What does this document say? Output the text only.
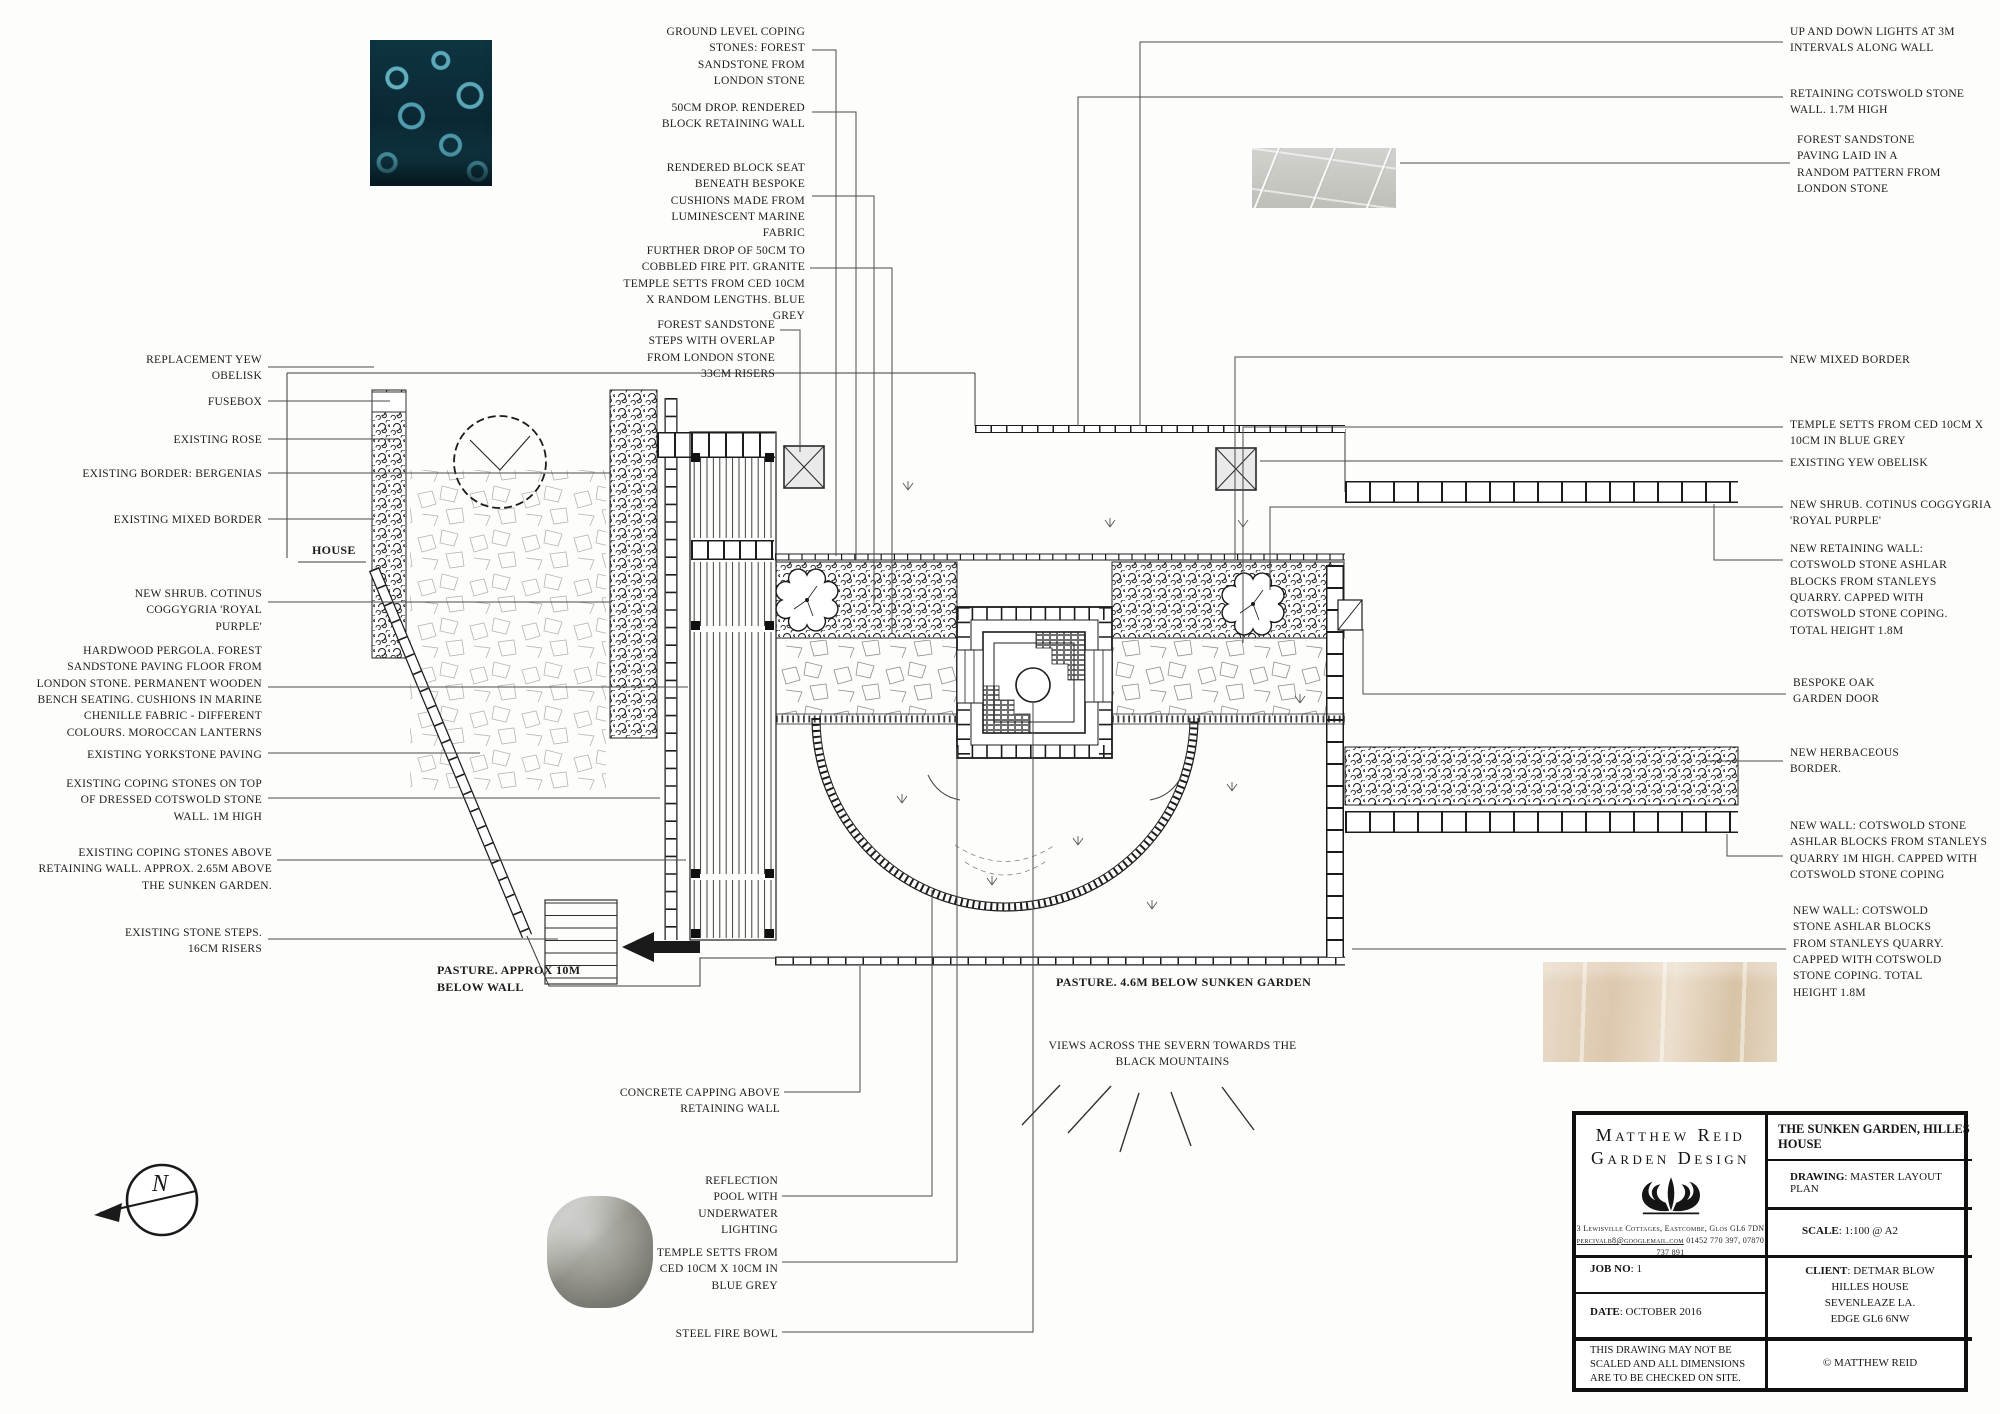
N
GROUND LEVEL COPING STONES: FOREST SANDSTONE FROM LONDON STONE
50CM DROP. RENDERED BLOCK RETAINING WALL
RENDERED BLOCK SEAT BENEATH BESPOKE CUSHIONS MADE FROM LUMINESCENT MARINE FABRIC
FURTHER DROP OF 50CM TO COBBLED FIRE PIT. GRANITE TEMPLE SETTS FROM CED 10CM X RANDOM LENGTHS. BLUE GREY
FOREST SANDSTONE STEPS WITH OVERLAP FROM LONDON STONE 33CM RISERS
UP AND DOWN LIGHTS AT 3M INTERVALS ALONG WALL
RETAINING COTSWOLD STONE WALL. 1.7M HIGH
FOREST SANDSTONE PAVING LAID IN A RANDOM PATTERN FROM LONDON STONE
NEW MIXED BORDER
TEMPLE SETTS FROM CED 10CM X 10CM IN BLUE GREY
EXISTING YEW OBELISK
NEW SHRUB. COTINUS COGGYGRIA 'ROYAL PURPLE'
NEW RETAINING WALL: COTSWOLD STONE ASHLAR BLOCKS FROM STANLEYS QUARRY. CAPPED WITH COTSWOLD STONE COPING. TOTAL HEIGHT 1.8M
BESPOKE OAK GARDEN DOOR
NEW HERBACEOUS BORDER.
NEW WALL: COTSWOLD STONE ASHLAR BLOCKS FROM STANLEYS QUARRY 1M HIGH. CAPPED WITH COTSWOLD STONE COPING
NEW WALL: COTSWOLD STONE ASHLAR BLOCKS FROM STANLEYS QUARRY. CAPPED WITH COTSWOLD STONE COPING. TOTAL HEIGHT 1.8M
REPLACEMENT YEW OBELISK
FUSEBOX
EXISTING ROSE
EXISTING BORDER: BERGENIAS
EXISTING MIXED BORDER
NEW SHRUB. COTINUS COGGYGRIA 'ROYAL PURPLE'
HARDWOOD PERGOLA. FOREST SANDSTONE PAVING FLOOR FROM LONDON STONE. PERMANENT WOODEN BENCH SEATING. CUSHIONS IN MARINE CHENILLE FABRIC - DIFFERENT COLOURS. MOROCCAN LANTERNS
EXISTING YORKSTONE PAVING
EXISTING COPING STONES ON TOP OF DRESSED COTSWOLD STONE WALL. 1M HIGH
EXISTING COPING STONES ABOVE RETAINING WALL. APPROX. 2.65M ABOVE THE SUNKEN GARDEN.
EXISTING STONE STEPS. 16CM RISERS
HOUSE
PASTURE. APPROX 10M BELOW WALL	PASTURE. 4.6M BELOW SUNKEN GARDEN
VIEWS ACROSS THE SEVERN TOWARDS THE BLACK MOUNTAINS
CONCRETE CAPPING ABOVE RETAINING WALL
REFLECTION POOL WITH UNDERWATER LIGHTING
TEMPLE SETTS FROM CED 10CM X 10CM IN BLUE GREY
STEEL FIRE BOWL
Matthew Reid
Garden Design
3 Lewisville Cottages, Eastcombe, Glos GL6 7DN
percivalb8@googlemail.com 01452 770 397, 07870 737 891
JOB NO: 1
DATE: OCTOBER 2016
THIS DRAWING MAY NOT BE SCALED AND ALL DIMENSIONS ARE TO BE CHECKED ON SITE.
THE SUNKEN GARDEN, HILLES HOUSE
DRAWING: MASTER LAYOUT PLAN
SCALE: 1:100 @ A2
CLIENT: DETMAR BLOW
HILLES HOUSE
SEVENLEAZE LA.
EDGE GL6 6NW
© MATTHEW REID
